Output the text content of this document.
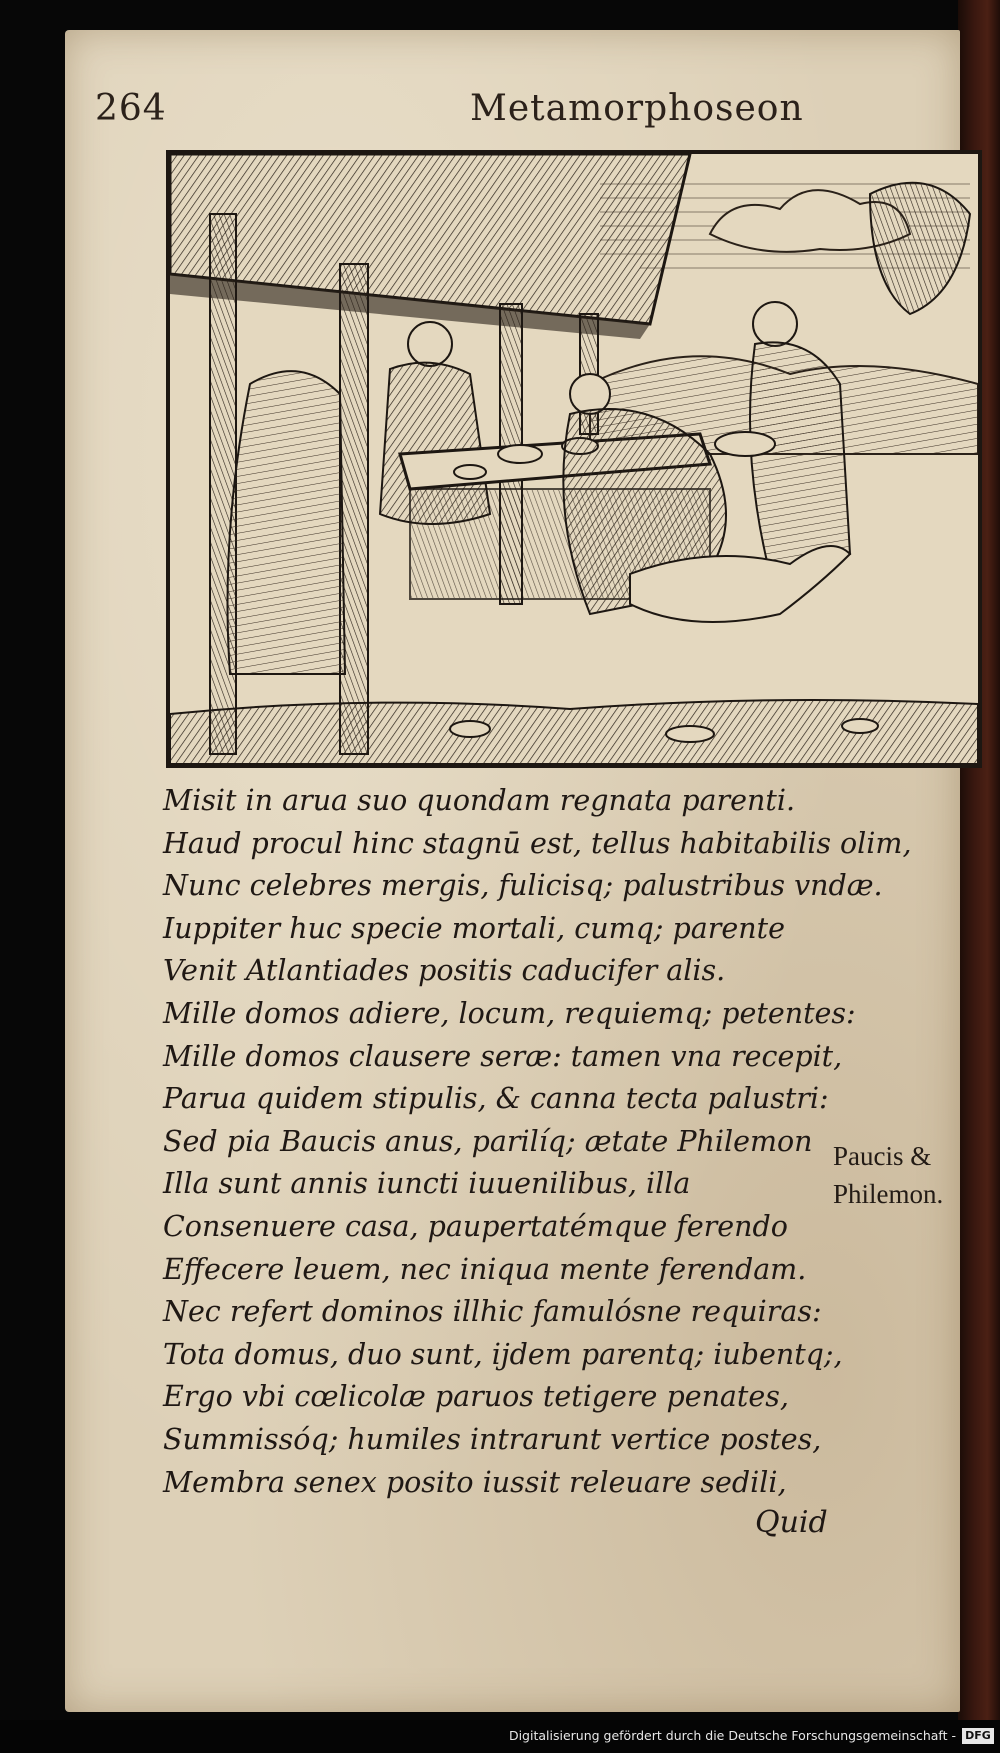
264	Metamorphoseon
Misit in arua suo quondam regnata parenti.
Haud procul hinc stagnū est, tellus habitabilis olim,
Nunc celebres mergis, fulicisq; palustribus vndæ.
Iuppiter huc specie mortali, cumq; parente
Venit Atlantiades positis caducifer alis.
Mille domos adiere, locum, requiemq; petentes:
Mille domos clausere seræ: tamen vna recepit,
Parua quidem stipulis, & canna tecta palustri:
Sed pia Baucis anus, parilíq; ætate Philemon
Illa sunt annis iuncti iuuenilibus, illa
Consenuere casa, paupertatémque ferendo
Effecere leuem, nec iniqua mente ferendam.
Nec refert dominos illhic famulósne requiras:
Tota domus, duo sunt, ijdem parentq; iubentq;,
Ergo vbi cœlicolæ paruos tetigere penates,
Summissóq; humiles intrarunt vertice postes,
Membra senex posito iussit releuare sedili,
Paucis &
Philemon.
Quid
Digitalisierung gefördert durch die Deutsche Forschungsgemeinschaft - DFG
